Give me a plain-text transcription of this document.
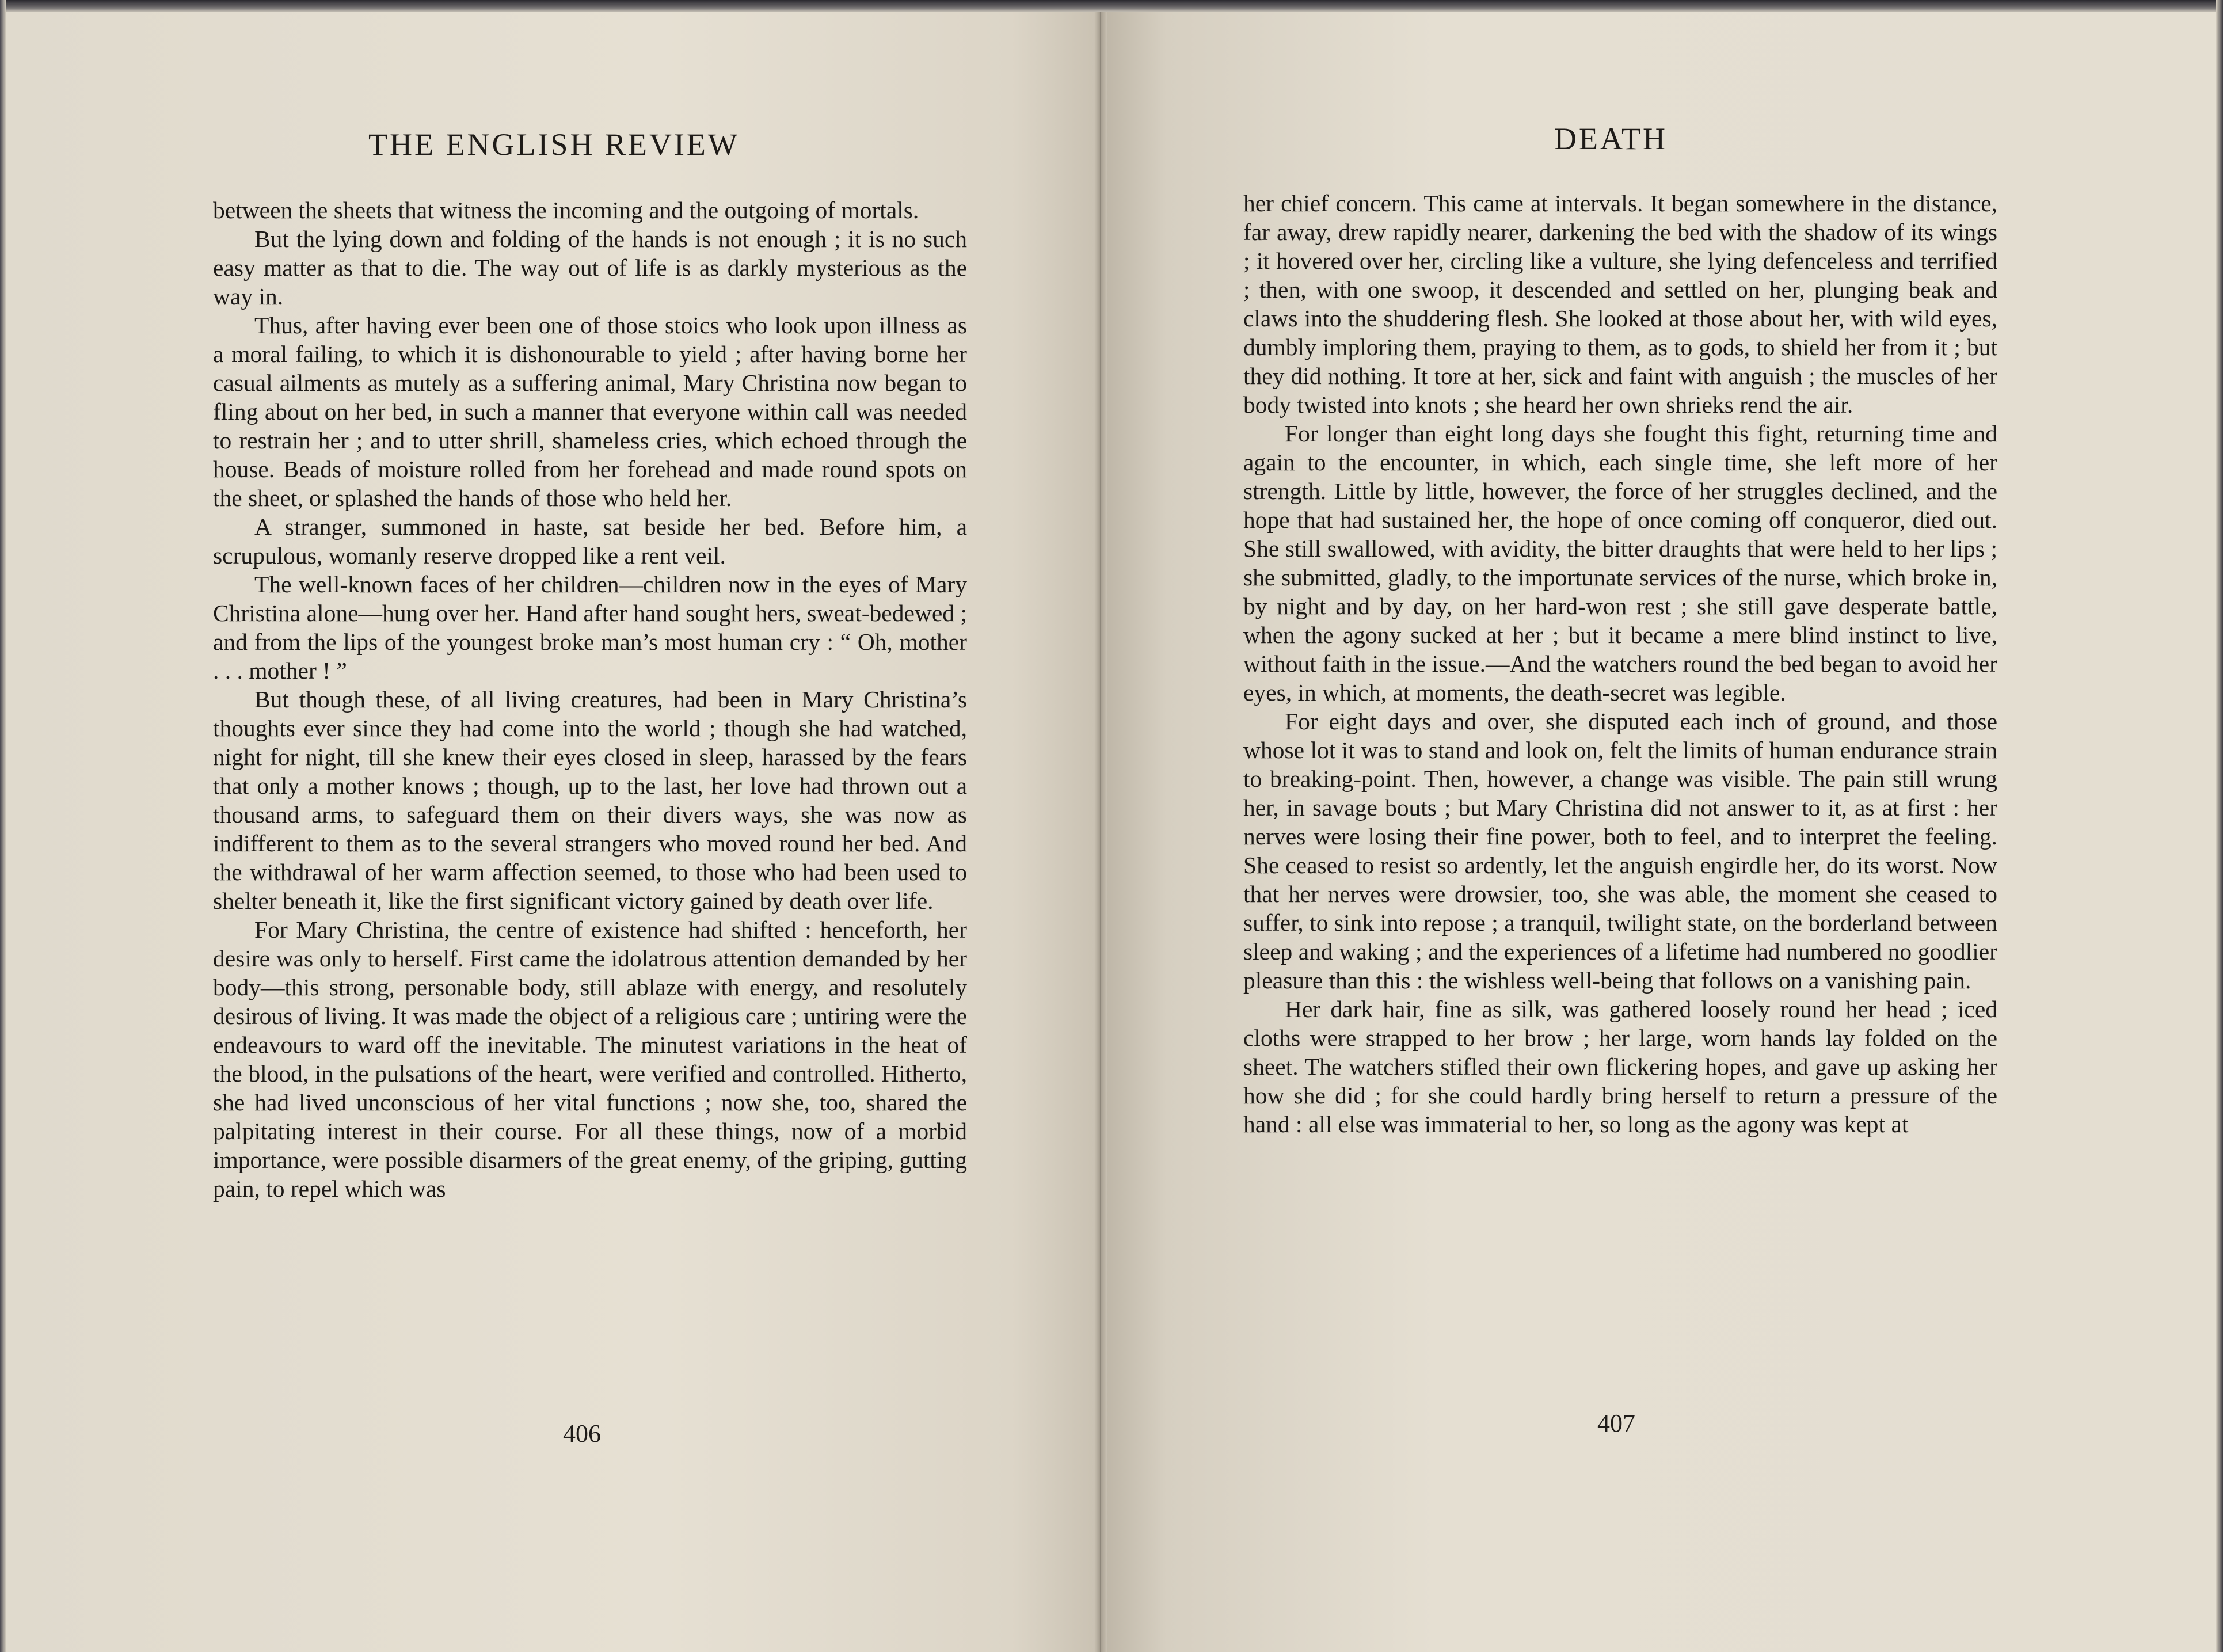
THE ENGLISH REVIEW	DEATH

between the sheets that witness the incoming and the outgoing of mortals.

But the lying down and folding of the hands is not enough ; it is no such easy matter as that to die. The way out of life is as darkly mysterious as the way in.

Thus, after having ever been one of those stoics who look upon illness as a moral failing, to which it is dishonourable to yield ; after having borne her casual ailments as mutely as a suffering animal, Mary Christina now began to fling about on her bed, in such a manner that everyone within call was needed to restrain her ; and to utter shrill, shameless cries, which echoed through the house. Beads of moisture rolled from her forehead and made round spots on the sheet, or splashed the hands of those who held her.

A stranger, summoned in haste, sat beside her bed. Before him, a scrupulous, womanly reserve dropped like a rent veil.

The well-known faces of her children—children now in the eyes of Mary Christina alone—hung over her. Hand after hand sought hers, sweat-bedewed ; and from the lips of the youngest broke man’s most human cry : “ Oh, mother . . . mother ! ”

But though these, of all living creatures, had been in Mary Christina’s thoughts ever since they had come into the world ; though she had watched, night for night, till she knew their eyes closed in sleep, harassed by the fears that only a mother knows ; though, up to the last, her love had thrown out a thousand arms, to safeguard them on their divers ways, she was now as indifferent to them as to the several strangers who moved round her bed. And the withdrawal of her warm affection seemed, to those who had been used to shelter beneath it, like the first significant victory gained by death over life.

For Mary Christina, the centre of existence had shifted : henceforth, her desire was only to herself. First came the idolatrous attention demanded by her body—this strong, personable body, still ablaze with energy, and resolutely desirous of living. It was made the object of a religious care ; untiring were the endeavours to ward off the inevitable. The minutest variations in the heat of the blood, in the pulsations of the heart, were verified and controlled. Hitherto, she had lived unconscious of her vital functions ; now she, too, shared the palpitating interest in their course. For all these things, now of a morbid importance, were possible disarmers of the great enemy, of the griping, gutting pain, to repel which was

her chief concern. This came at intervals. It began somewhere in the distance, far away, drew rapidly nearer, darkening the bed with the shadow of its wings ; it hovered over her, circling like a vulture, she lying defenceless and terrified ; then, with one swoop, it descended and settled on her, plunging beak and claws into the shuddering flesh. She looked at those about her, with wild eyes, dumbly imploring them, praying to them, as to gods, to shield her from it ; but they did nothing. It tore at her, sick and faint with anguish ; the muscles of her body twisted into knots ; she heard her own shrieks rend the air.

For longer than eight long days she fought this fight, returning time and again to the encounter, in which, each single time, she left more of her strength. Little by little, however, the force of her struggles declined, and the hope that had sustained her, the hope of once coming off conqueror, died out. She still swallowed, with avidity, the bitter draughts that were held to her lips ; she submitted, gladly, to the importunate services of the nurse, which broke in, by night and by day, on her hard-won rest ; she still gave desperate battle, when the agony sucked at her ; but it became a mere blind instinct to live, without faith in the issue.—And the watchers round the bed began to avoid her eyes, in which, at moments, the death-secret was legible.

For eight days and over, she disputed each inch of ground, and those whose lot it was to stand and look on, felt the limits of human endurance strain to breaking-point. Then, however, a change was visible. The pain still wrung her, in savage bouts ; but Mary Christina did not answer to it, as at first : her nerves were losing their fine power, both to feel, and to interpret the feeling. She ceased to resist so ardently, let the anguish engirdle her, do its worst. Now that her nerves were drowsier, too, she was able, the moment she ceased to suffer, to sink into repose ; a tranquil, twilight state, on the borderland between sleep and waking ; and the experiences of a lifetime had numbered no goodlier pleasure than this : the wishless well-being that follows on a vanishing pain.

Her dark hair, fine as silk, was gathered loosely round her head ; iced cloths were strapped to her brow ; her large, worn hands lay folded on the sheet. The watchers stifled their own flickering hopes, and gave up asking her how she did ; for she could hardly bring herself to return a pressure of the hand : all else was immaterial to her, so long as the agony was kept at

406	407
